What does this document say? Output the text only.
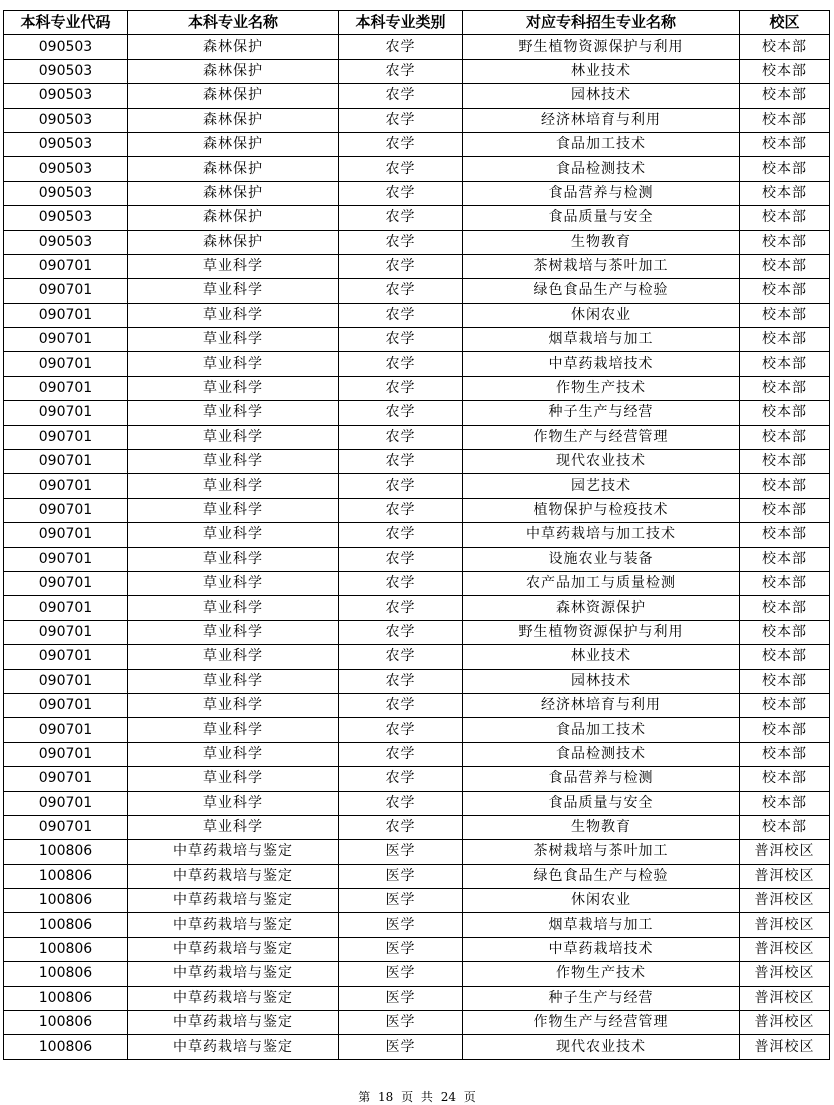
本科专业代码	本科专业名称	本科专业类别	对应专科招生专业名称	校区
090503	森林保护	农学	野生植物资源保护与利用	校本部
090503	森林保护	农学	林业技术	校本部
090503	森林保护	农学	园林技术	校本部
090503	森林保护	农学	经济林培育与利用	校本部
090503	森林保护	农学	食品加工技术	校本部
090503	森林保护	农学	食品检测技术	校本部
090503	森林保护	农学	食品营养与检测	校本部
090503	森林保护	农学	食品质量与安全	校本部
090503	森林保护	农学	生物教育	校本部
090701	草业科学	农学	茶树栽培与茶叶加工	校本部
090701	草业科学	农学	绿色食品生产与检验	校本部
090701	草业科学	农学	休闲农业	校本部
090701	草业科学	农学	烟草栽培与加工	校本部
090701	草业科学	农学	中草药栽培技术	校本部
090701	草业科学	农学	作物生产技术	校本部
090701	草业科学	农学	种子生产与经营	校本部
090701	草业科学	农学	作物生产与经营管理	校本部
090701	草业科学	农学	现代农业技术	校本部
090701	草业科学	农学	园艺技术	校本部
090701	草业科学	农学	植物保护与检疫技术	校本部
090701	草业科学	农学	中草药栽培与加工技术	校本部
090701	草业科学	农学	设施农业与装备	校本部
090701	草业科学	农学	农产品加工与质量检测	校本部
090701	草业科学	农学	森林资源保护	校本部
090701	草业科学	农学	野生植物资源保护与利用	校本部
090701	草业科学	农学	林业技术	校本部
090701	草业科学	农学	园林技术	校本部
090701	草业科学	农学	经济林培育与利用	校本部
090701	草业科学	农学	食品加工技术	校本部
090701	草业科学	农学	食品检测技术	校本部
090701	草业科学	农学	食品营养与检测	校本部
090701	草业科学	农学	食品质量与安全	校本部
090701	草业科学	农学	生物教育	校本部
100806	中草药栽培与鉴定	医学	茶树栽培与茶叶加工	普洱校区
100806	中草药栽培与鉴定	医学	绿色食品生产与检验	普洱校区
100806	中草药栽培与鉴定	医学	休闲农业	普洱校区
100806	中草药栽培与鉴定	医学	烟草栽培与加工	普洱校区
100806	中草药栽培与鉴定	医学	中草药栽培技术	普洱校区
100806	中草药栽培与鉴定	医学	作物生产技术	普洱校区
100806	中草药栽培与鉴定	医学	种子生产与经营	普洱校区
100806	中草药栽培与鉴定	医学	作物生产与经营管理	普洱校区
100806	中草药栽培与鉴定	医学	现代农业技术	普洱校区
第 18 页 共 24 页
